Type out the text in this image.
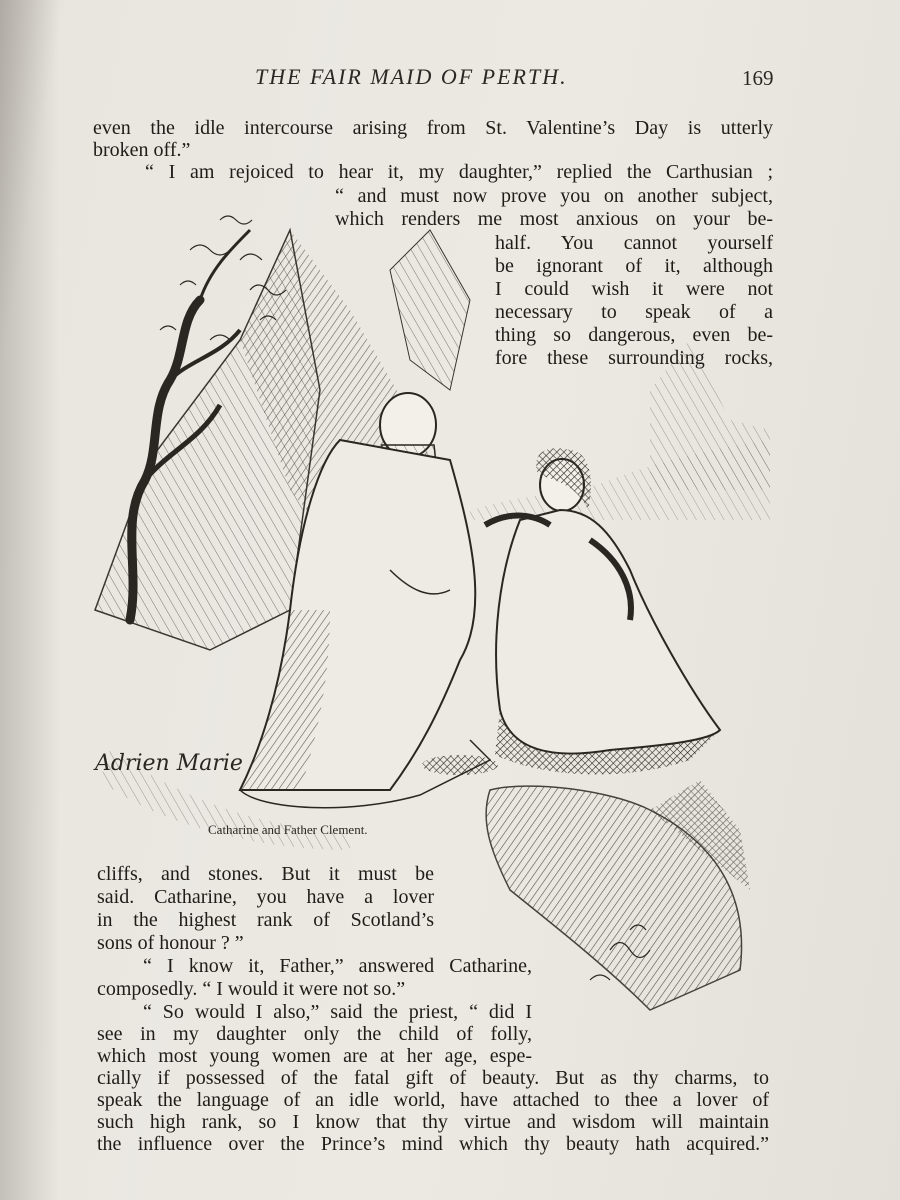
THE FAIR MAID OF PERTH.	169
even the idle intercourse arising from St. Valentine’s Day is utterly
broken off.”
“ I am rejoiced to hear it, my daughter,” replied the Carthusian ;
“ and must now prove you on another subject,
which renders me most anxious on your be-
half. You cannot yourself
be ignorant of it, although
I could wish it were not
necessary to speak of a
thing so dangerous, even be-
fore these surrounding rocks,
Adrien Marie
Catharine and Father Clement.
cliffs, and stones. But it must be
said. Catharine, you have a lover
in the highest rank of Scotland’s
sons of honour ? ”
“ I know it, Father,” answered Catharine,
composedly. “ I would it were not so.”
“ So would I also,” said the priest, “ did I
see in my daughter only the child of folly,
which most young women are at her age, espe-
cially if possessed of the fatal gift of beauty. But as thy charms, to
speak the language of an idle world, have attached to thee a lover of
such high rank, so I know that thy virtue and wisdom will maintain
the influence over the Prince’s mind which thy beauty hath acquired.”
